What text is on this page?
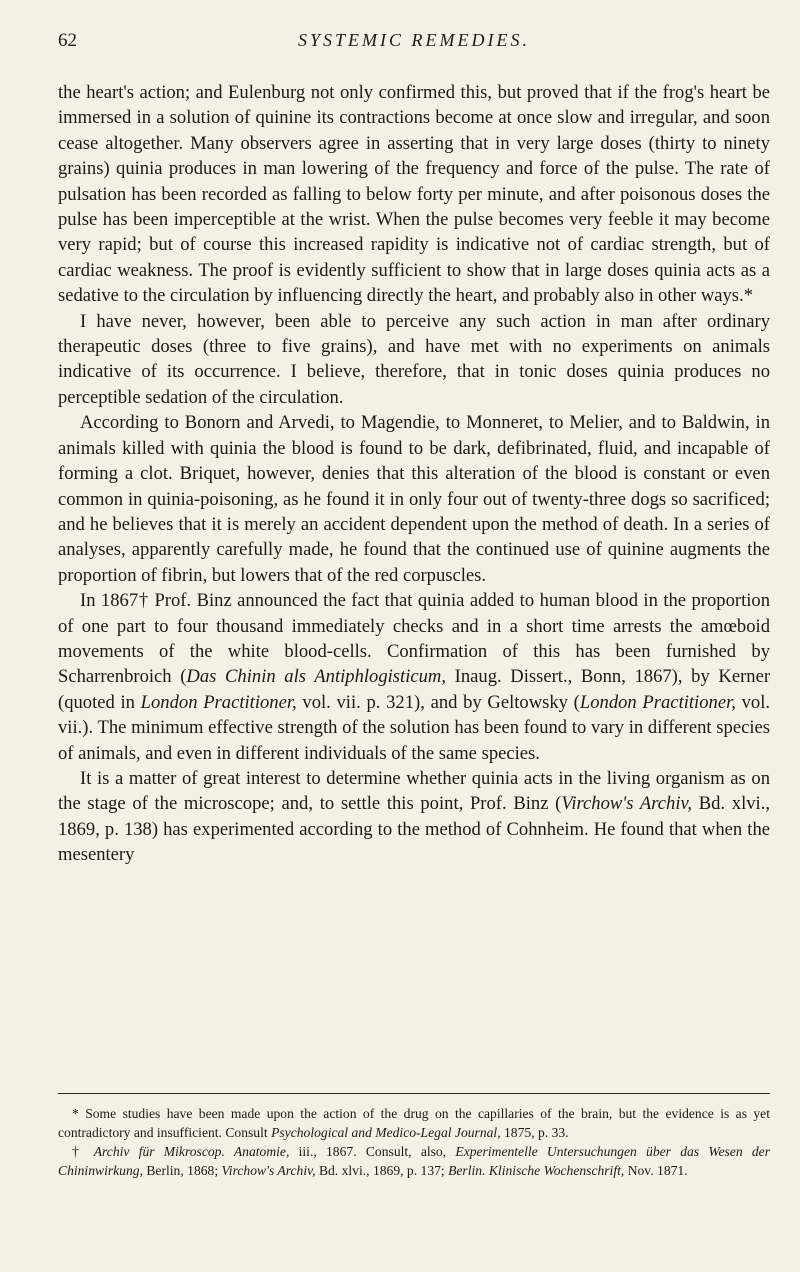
62	SYSTEMIC REMEDIES.

the heart's action; and Eulenburg not only confirmed this, but proved that if the frog's heart be immersed in a solution of quinine its contractions become at once slow and irregular, and soon cease altogether. Many observers agree in asserting that in very large doses (thirty to ninety grains) quinia produces in man lowering of the frequency and force of the pulse. The rate of pulsation has been recorded as falling to below forty per minute, and after poisonous doses the pulse has been imperceptible at the wrist. When the pulse becomes very feeble it may become very rapid; but of course this increased rapidity is indicative not of cardiac strength, but of cardiac weakness. The proof is evidently sufficient to show that in large doses quinia acts as a sedative to the circulation by influencing directly the heart, and probably also in other ways.*

I have never, however, been able to perceive any such action in man after ordinary therapeutic doses (three to five grains), and have met with no experiments on animals indicative of its occurrence. I believe, therefore, that in tonic doses quinia produces no perceptible sedation of the circulation.

According to Bonorn and Arvedi, to Magendie, to Monneret, to Melier, and to Baldwin, in animals killed with quinia the blood is found to be dark, defibrinated, fluid, and incapable of forming a clot. Briquet, however, denies that this alteration of the blood is constant or even common in quinia-poisoning, as he found it in only four out of twenty-three dogs so sacrificed; and he believes that it is merely an accident dependent upon the method of death. In a series of analyses, apparently carefully made, he found that the continued use of quinine augments the proportion of fibrin, but lowers that of the red corpuscles.

In 1867† Prof. Binz announced the fact that quinia added to human blood in the proportion of one part to four thousand immediately checks and in a short time arrests the amœboid movements of the white blood-cells. Confirmation of this has been furnished by Scharrenbroich (Das Chinin als Antiphlogisticum, Inaug. Dissert., Bonn, 1867), by Kerner (quoted in London Practitioner, vol. vii. p. 321), and by Geltowsky (London Practitioner, vol. vii.). The minimum effective strength of the solution has been found to vary in different species of animals, and even in different individuals of the same species.

It is a matter of great interest to determine whether quinia acts in the living organism as on the stage of the microscope; and, to settle this point, Prof. Binz (Virchow's Archiv, Bd. xlvi., 1869, p. 138) has experimented according to the method of Cohnheim. He found that when the mesentery

* Some studies have been made upon the action of the drug on the capillaries of the brain, but the evidence is as yet contradictory and insufficient. Consult Psychological and Medico-Legal Journal, 1875, p. 33.

† Archiv für Mikroscop. Anatomie, iii., 1867. Consult, also, Experimentelle Untersuchungen über das Wesen der Chininwirkung, Berlin, 1868; Virchow's Archiv, Bd. xlvi., 1869, p. 137; Berlin. Klinische Wochenschrift, Nov. 1871.
